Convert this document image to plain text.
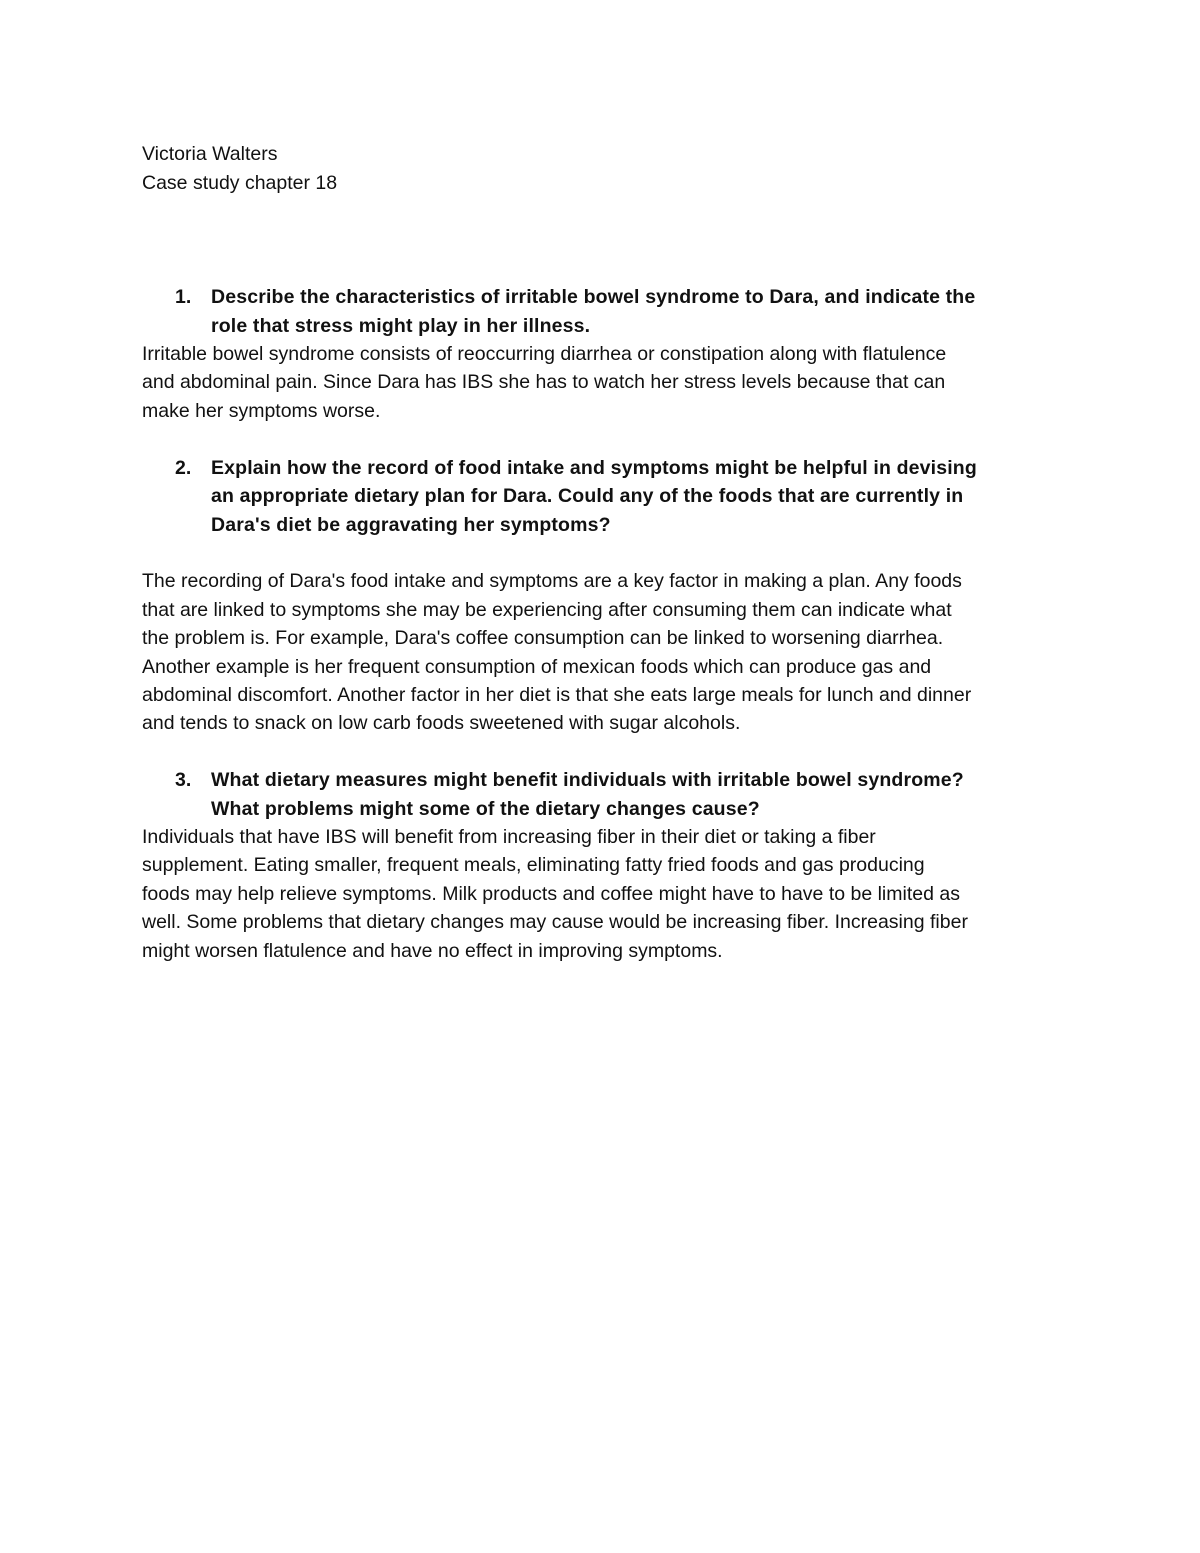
Victoria Walters

Case study chapter 18

1. Describe the characteristics of irritable bowel syndrome to Dara, and indicate the
role that stress might play in her illness.

Irritable bowel syndrome consists of reoccurring diarrhea or constipation along with flatulence

and abdominal pain. Since Dara has IBS she has to watch her stress levels because that can

make her symptoms worse.

2. Explain how the record of food intake and symptoms might be helpful in devising
an appropriate dietary plan for Dara. Could any of the foods that are currently in
Dara's diet be aggravating her symptoms?

The recording of Dara's food intake and symptoms are a key factor in making a plan. Any foods

that are linked to symptoms she may be experiencing after consuming them can indicate what

the problem is. For example, Dara's coffee consumption can be linked to worsening diarrhea.

Another example is her frequent consumption of mexican foods which can produce gas and

abdominal discomfort. Another factor in her diet is that she eats large meals for lunch and dinner

and tends to snack on low carb foods sweetened with sugar alcohols.

3. What dietary measures might benefit individuals with irritable bowel syndrome?
What problems might some of the dietary changes cause?

Individuals that have IBS will benefit from increasing fiber in their diet or taking a fiber

supplement. Eating smaller, frequent meals, eliminating fatty fried foods and gas producing

foods may help relieve symptoms. Milk products and coffee might have to have to be limited as

well. Some problems that dietary changes may cause would be increasing fiber. Increasing fiber

might worsen flatulence and have no effect in improving symptoms.
